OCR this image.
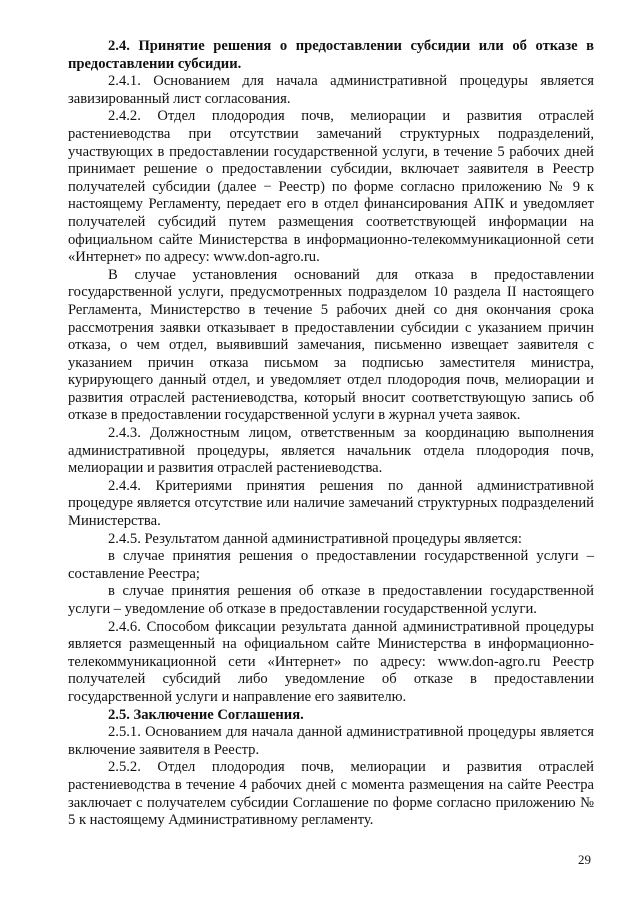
2.4. Принятие решения о предоставлении субсидии или об отказе в предоставлении субсидии.

2.4.1. Основанием для начала административной процедуры является завизированный лист согласования.

2.4.2. Отдел плодородия почв, мелиорации и развития отраслей растениеводства при отсутствии замечаний структурных подразделений, участвующих в предоставлении государственной услуги, в течение 5 рабочих дней принимает решение о предоставлении субсидии, включает заявителя в Реестр получателей субсидии (далее − Реестр) по форме согласно приложению № 9 к настоящему Регламенту, передает его в отдел финансирования АПК и уведомляет получателей субсидий путем размещения соответствующей информации на официальном сайте Министерства в информационно-телекоммуникационной сети «Интернет» по адресу: www.don-agro.ru.

В случае установления оснований для отказа в предоставлении государственной услуги, предусмотренных подразделом 10 раздела II настоящего Регламента, Министерство в течение 5 рабочих дней со дня окончания срока рассмотрения заявки отказывает в предоставлении субсидии с указанием причин отказа, о чем отдел, выявивший замечания, письменно извещает заявителя с указанием причин отказа письмом за подписью заместителя министра, курирующего данный отдел, и уведомляет отдел плодородия почв, мелиорации и развития отраслей растениеводства, который вносит соответствующую запись об отказе в предоставлении государственной услуги в журнал учета заявок.

2.4.3. Должностным лицом, ответственным за координацию выполнения административной процедуры, является начальник отдела плодородия почв, мелиорации и развития отраслей растениеводства.

2.4.4. Критериями принятия решения по данной административной процедуре является отсутствие или наличие замечаний структурных подразделений Министерства.

2.4.5. Результатом данной административной процедуры является:

в случае принятия решения о предоставлении государственной услуги – составление Реестра;

в случае принятия решения об отказе в предоставлении государственной услуги – уведомление об отказе в предоставлении государственной услуги.

2.4.6. Способом фиксации результата данной административной процедуры является размещенный на официальном сайте Министерства в информационно-телекоммуникационной сети «Интернет» по адресу: www.don-agro.ru Реестр получателей субсидий либо уведомление об отказе в предоставлении государственной услуги и направление его заявителю.

2.5. Заключение Соглашения.

2.5.1. Основанием для начала данной административной процедуры является включение заявителя в Реестр.

2.5.2. Отдел плодородия почв, мелиорации и развития отраслей растениеводства в течение 4 рабочих дней с момента размещения на сайте Реестра заключает с получателем субсидии Соглашение по форме согласно приложению № 5 к настоящему Административному регламенту.

29
